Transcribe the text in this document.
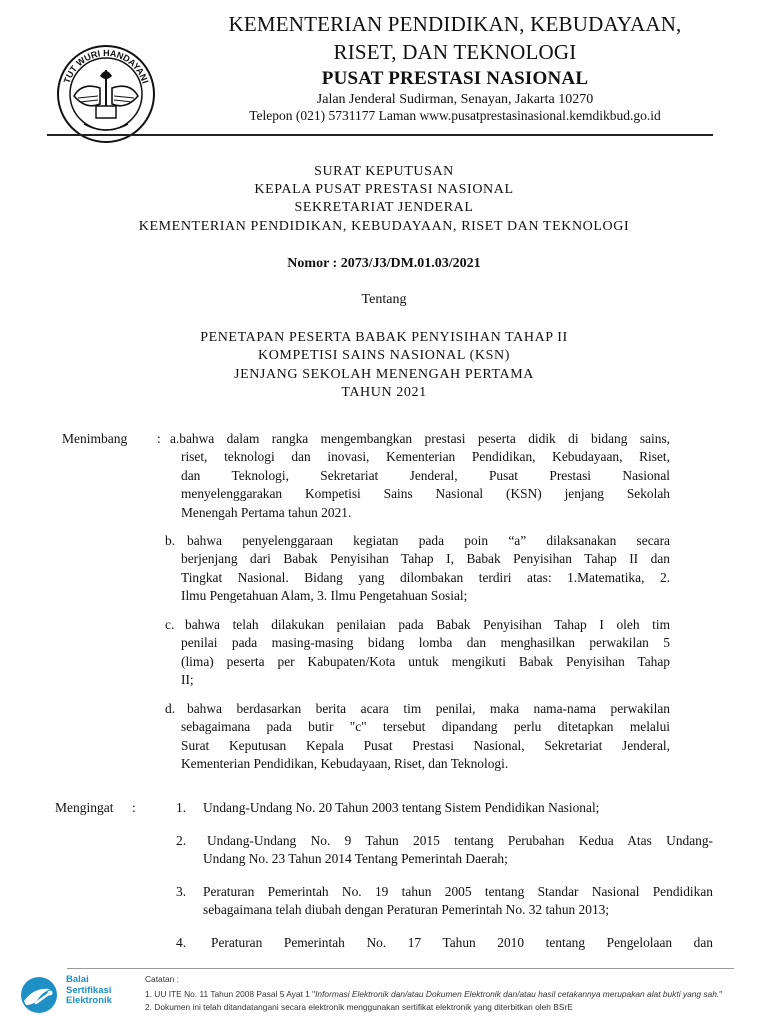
TUT WURI HANDAYANI
KEMENTERIAN PENDIDIKAN, KEBUDAYAAN,
RISET, DAN TEKNOLOGI
PUSAT PRESTASI NASIONAL
Jalan Jenderal Sudirman, Senayan, Jakarta 10270
Telepon (021) 5731177 Laman www.pusatprestasinasional.kemdikbud.go.id
SURAT KEPUTUSAN
KEPALA PUSAT PRESTASI NASIONAL
SEKRETARIAT JENDERAL
KEMENTERIAN PENDIDIKAN, KEBUDAYAAN, RISET DAN TEKNOLOGI
Nomor : 2073/J3/DM.01.03/2021
Tentang
PENETAPAN PESERTA BABAK PENYISIHAN TAHAP II
KOMPETISI SAINS NASIONAL (KSN)
JENJANG SEKOLAH MENENGAH PERTAMA
TAHUN 2021
Menimbang : a.bahwa dalam rangka mengembangkan prestasi peserta didik di bidang sains,
riset, teknologi dan inovasi, Kementerian Pendidikan, Kebudayaan, Riset,
dan Teknologi, Sekretariat Jenderal, Pusat Prestasi Nasional
menyelenggarakan Kompetisi Sains Nasional (KSN) jenjang Sekolah
Menengah Pertama tahun 2021.
b. bahwa penyelenggaraan kegiatan pada poin “a” dilaksanakan secara
berjenjang dari Babak Penyisihan Tahap I, Babak Penyisihan Tahap II dan
Tingkat Nasional. Bidang yang dilombakan terdiri atas: 1.Matematika, 2.
Ilmu Pengetahuan Alam, 3. Ilmu Pengetahuan Sosial;
c. bahwa telah dilakukan penilaian pada Babak Penyisihan Tahap I oleh tim
penilai pada masing-masing bidang lomba dan menghasilkan perwakilan 5
(lima) peserta per Kabupaten/Kota untuk mengikuti Babak Penyisihan Tahap
II;
d. bahwa berdasarkan berita acara tim penilai, maka nama-nama perwakilan
sebagaimana pada butir "c" tersebut dipandang perlu ditetapkan melalui
Surat Keputusan Kepala Pusat Prestasi Nasional, Sekretariat Jenderal,
Kementerian Pendidikan, Kebudayaan, Riset, dan Teknologi.
Mengingat :	1. Undang-Undang No. 20 Tahun 2003 tentang Sistem Pendidikan Nasional;
2. Undang-Undang No. 9 Tahun 2015 tentang Perubahan Kedua Atas Undang-
Undang No. 23 Tahun 2014 Tentang Pemerintah Daerah;
3. Peraturan Pemerintah No. 19 tahun 2005 tentang Standar Nasional Pendidikan
sebagaimana telah diubah dengan Peraturan Pemerintah No. 32 tahun 2013;
4.	Peraturan Pemerintah No. 17 Tahun 2010 tentang Pengelolaan dan
Balai
Sertifikasi
Elektronik
Catatan :
1. UU ITE No. 11 Tahun 2008 Pasal 5 Ayat 1 "Informasi Elektronik dan/atau Dokumen Elektronik dan/atau hasil cetakannya merupakan alat bukti yang sah."
2. Dokumen ini telah ditandatangani secara elektronik menggunakan sertifikat elektronik yang diterbitkan oleh BSrE
